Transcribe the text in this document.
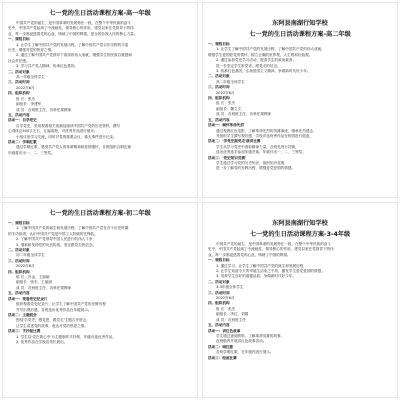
七一党的生日活动课程方案-高一年级
中国共产党的诞生，是中国革命的发展势在一段，在整个中华民族的奋斗
史中，中国共产党起到了中流砥柱，领导核心的作用，建党以来在党领导下的伟
业，每一步都浸透着党的心血，铸就了中国的辉煌，是全国各族人民的核心力量。
一、课程目标
1. 让学生了解中国共产党的发展历程，了解中国共产党百年历程的丰富
历史，增强对党的热爱之情。
2. 通过了解中国共产党领导下取得的伟大成就，增强学生的民族自豪感和
社会责任感。
3. 学习共产党人精神，传承红色基因。
二、活动对象
高一年级全体学生
三、活动时间
2022年6月
四、组织机构
组 长：张杰
副组长：李建军
成 员：各班班主任，各科任课教师
五、活动内容
活动一：自学党史
自学党史，采用观看相关视频及阅读中国共产党的历史资料，撰写
心得体会500字左右，汇编成册，对优秀作品进行展评。
小组讨论学习交流，同时对党的重要会议，重大事件进行记录。
活动二：学唱红歌
通过学唱红歌，感受共产党人的革命精神和爱国情怀，各班组织合唱比赛
年级将评出一、二、三等奖。
东阿县南湖行知学校
七一党的生日活动课程方案-高二年级
一、课程目标
1. 让学生了解中国共产党的发展历程，了解中国共产党的伟大成就，
增强学生爱国爱党的情怀，树立正确的世界观、人生观和价值观。
2. 通过参加党史学习活动，提高学生的政治素养，
进一步坚定学生听党话、跟党走的信念。
3. 传承红色基因，弘扬爱国主义精神，争做新时代好少年。
二、活动对象
高二年级全体学生
三、活动时间
2022年6月
四、组织机构
组 长：张杰
副组长：魏立文
成 员：各班班主任，各科任课教师
五、活动内容
活动一：缅怀革命先烈
通过观看红色电影，了解革命先烈的英雄事迹，继承先烈遗志，
并组织学生撰写观后感，学校评选优秀作品在校园进行展览，
活动二：'学党史跟党走'演讲比赛
学生从学习党史中汲取精神力量，各班先进行初赛，
选出优秀选手参加年级决赛，年级评出一、二、三等奖。
活动三：'党史知识竞赛'
学生通过学习党的历史知识，组织知识竞赛，
进一步了解党的光辉历程，增强爱党爱国的情感。
七一党的生日活动课程方案-初二年级
一、课程目标
1. 了解中国共产党的诞生和发展历程，了解中国共产党在各个历史时期
的丰功伟绩，认识中国共产党是中国工人阶级的先锋队。
2. 了解中国共产党领导中国人民进行的伟大斗争，
3. 继承和发扬党的优良传统，坚定跟党走的信念。
二、活动对象
初二年级全体学生
三、活动时间
2022年6月
四、组织机构
组 长：冯金、王丽丽
副组长：张东、王丽丽
成 员：各班班主任，各科任课教师
五、活动内容
活动一：观看党史纪录片
组织观看党史纪录片，让学生了解中国共产党的光辉历程
并写出观后感，各班选出优秀作品在年级展示。
活动二：主题班会
围绕'学党史，感党恩，跟党走'主题召开班会，
让学生讲述党的故事，表达对党的热爱之情。
活动三：手抄报比赛
1. 学生以'党在我心中'为主题制作手抄报，年级评选优秀作品。
2. 优秀作品在学校宣传栏展出。
东阿县南湖行知学校
七一党的生日活动课程方案-3-4年级
中国共产党的诞生，是中国革命的发展势在一段，在整个中华民族的奋斗
史中，中国共产党起到了中流砥柱，领导核心的作用，建党以来在党领导下的伟
业，每一步都浸透着党的心血，铸就了中国的辉煌。
一、课程目标
1. 通过学习，让学生了解中国共产党的诞生和发展历程，
2. 让学生知道今天的幸福生活来之不易，激发学生爱党爱国的情感。
3. 培养学生良好的道德品质，争做新时代好少年。
二、活动对象
3-4年级全体学生
三、活动时间
2022年6月
四、组织机构
组 长：张杰
副组长：李红、刘娟
成 员：各班班主任
五、活动内容
活动一：讲红色故事
学生通过查阅资料，了解革命英雄的故事，
在班级内开展讲红色故事活动。
活动二：唱红歌
各班学唱红歌，在年级内进行展示。
活动三：绘画比赛
